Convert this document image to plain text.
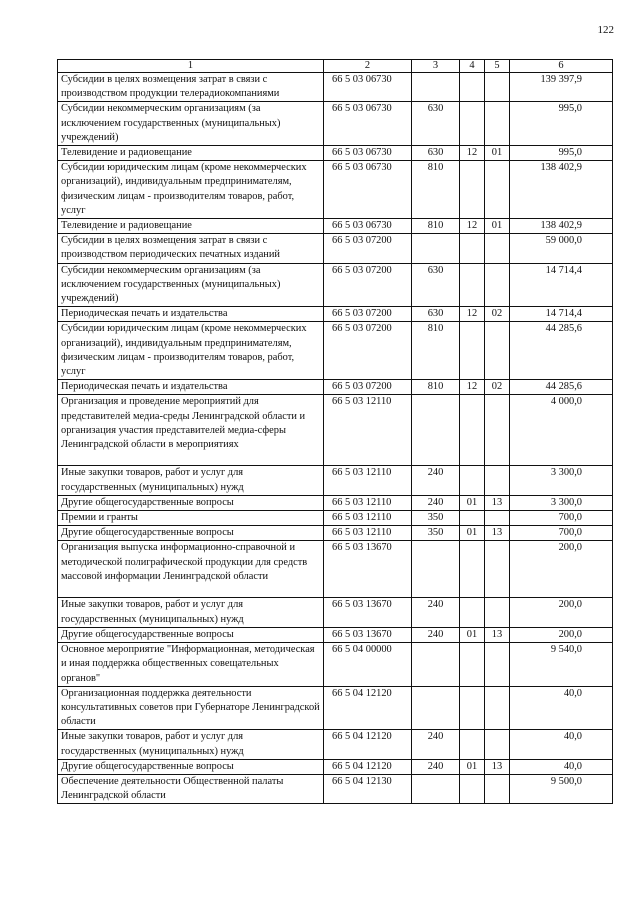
122
1	2	3	4	5	6
Субсидии в целях возмещения затрат в связи с производством продукции телерадиокомпаниями	66 5 03 06730				139 397,9
Субсидии некоммерческим организациям (за исключением государственных (муниципальных) учреждений)	66 5 03 06730	630			995,0
Телевидение и радиовещание	66 5 03 06730	630	12	01	995,0
Субсидии юридическим лицам (кроме некоммерческих организаций), индивидуальным предпринимателям, физическим лицам - производителям товаров, работ, услуг	66 5 03 06730	810			138 402,9
Телевидение и радиовещание	66 5 03 06730	810	12	01	138 402,9
Субсидии в целях возмещения затрат в связи с производством периодических печатных изданий	66 5 03 07200				59 000,0
Субсидии некоммерческим организациям (за исключением государственных (муниципальных) учреждений)	66 5 03 07200	630			14 714,4
Периодическая печать и издательства	66 5 03 07200	630	12	02	14 714,4
Субсидии юридическим лицам (кроме некоммерческих организаций), индивидуальным предпринимателям, физическим лицам - производителям товаров, работ, услуг	66 5 03 07200	810			44 285,6
Периодическая печать и издательства	66 5 03 07200	810	12	02	44 285,6
Организация и проведение мероприятий для представителей медиа-среды Ленинградской области и организация участия представителей медиа-сферы Ленинградской области в мероприятиях	66 5 03 12110				4 000,0
Иные закупки товаров, работ и услуг для государственных (муниципальных) нужд	66 5 03 12110	240			3 300,0
Другие общегосударственные вопросы	66 5 03 12110	240	01	13	3 300,0
Премии и гранты	66 5 03 12110	350			700,0
Другие общегосударственные вопросы	66 5 03 12110	350	01	13	700,0
Организация выпуска информационно-справочной и методической полиграфической продукции для средств массовой информации Ленинградской области	66 5 03 13670				200,0
Иные закупки товаров, работ и услуг для государственных (муниципальных) нужд	66 5 03 13670	240			200,0
Другие общегосударственные вопросы	66 5 03 13670	240	01	13	200,0
Основное мероприятие "Информационная, методическая и иная поддержка общественных совещательных органов"	66 5 04 00000				9 540,0
Организационная поддержка деятельности консультативных советов при Губернаторе Ленинградской области	66 5 04 12120				40,0
Иные закупки товаров, работ и услуг для государственных (муниципальных) нужд	66 5 04 12120	240			40,0
Другие общегосударственные вопросы	66 5 04 12120	240	01	13	40,0
Обеспечение деятельности Общественной палаты Ленинградской области	66 5 04 12130				9 500,0
